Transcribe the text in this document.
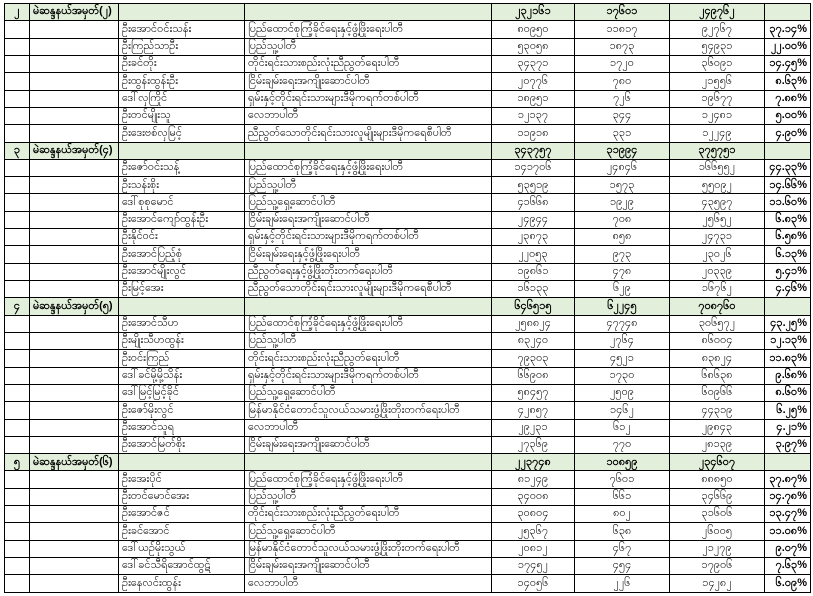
၂	မဲဆန္ဒနယ်အမှတ်(၂)			၂၃၂၁၆၁	၁၇၆၀၁	၂၄၉၇၆၂	
		ဦးအောင်ဝင်းသန်း	ပြည်ထောင်စုကြံ့ခိုင်ရေးနှင့်ဖွံ့ဖြိုးရေးပါတီ	၈၀၉၅၀	၁၁၈၁၇	၉၂၇၆၇	၃၇.၁၄%
		ဦးကြည်သာဦး	ပြည်သူ့ပါတီ	၅၃၀၅၈	၁၈၇၃	၅၄၉၃၁	၂၂.၀၀%
		ဦးခင်တိုး	တိုင်းရင်းသားစည်းလုံးညီညွတ်ရေးပါတီ	၃၄၃၇၁	၁၇၂၀	၃၆၀၉၁	၁၄.၄၅%
		ဦးထွန်းထွန်းဦး	ငြိမ်းချမ်းရေးအကျိုးဆောင်ပါတီ	၂၀၇၇၆	၇၈၀	၂၁၅၅၆	၈.၆၃%
		ဒေါ်လှကြိုင်	ရှမ်းနှင့်တိုင်းရင်းသားများဒီမိုကရက်တစ်ပါတီ	၁၈၉၅၁	၇၂၆	၁၉၆၇၇	၇.၈၈%
		ဦးတင်မျိုးသူ	လေဘာပါတီ	၁၂၁၃၇	၃၄၄	၁၂၄၈၁	၅.၀၀%
		ဦးဒေးဗစ်လှမြင့်	ညီညွတ်သောတိုင်းရင်းသားလူမျိုးများဒီမိုကရေစီပါတီ	၁၁၉၁၈	၃၃၁	၁၂၂၄၉	၄.၉၀%
၃	မဲဆန္ဒနယ်အမှတ်(၄)			၃၄၃၇၅၇	၃၁၉၉၄	၃၇၅၇၅၁	
		ဦးဇော်ဝင်းသန့်	ပြည်ထောင်စုကြံ့ခိုင်ရေးနှင့်ဖွံ့ဖြိုးရေးပါတီ	၁၄၁၇၀၆	၂၄၈၄၆	၁၆၆၅၅၂	၄၄.၃၃%
		ဦးသန်းစိုး	ပြည်သူ့ပါတီ	၅၃၅၁၉	၁၅၇၃	၅၅၀၉၂	၁၄.၆၆%
		ဒေါ်စုစုမောင်	ပြည်သူ့ရှေ့ဆောင်ပါတီ	၄၁၆၆၈	၁၉၂၉	၄၃၅၉၇	၁၁.၆၀%
		ဦးအောင်ကျော်ထွန်းဦး	ငြိမ်းချမ်းရေးအကျိုးဆောင်ပါတီ	၂၄၉၄၄	၇၀၈	၂၅၆၅၂	၆.၈၃%
		ဦးနိုင်ဝင်း	ရှမ်းနှင့်တိုင်းရင်းသားများဒီမိုကရက်တစ်ပါတီ	၂၃၈၇၃	၈၅၈	၂၄၇၃၁	၆.၅၈%
		ဦးအောင်ပြည့်စုံ	ငြိမ်းချမ်းရေးနှင့်ဖွံ့ဖြိုးရေးပါတီ	၂၂၀၅၃	၉၇၃	၂၃၀၂၆	၆.၁၃%
		ဦးအောင်မျိုးလွင်	ညီညွတ်ရေးနှင့်ဖွံ့ဖြိုးတိုးတက်ရေးပါတီ	၁၉၈၆၁	၄၇၈	၂၀၃၃၉	၅.၄၁%
		ဦးမြင့်အေး	ညီညွတ်သောတိုင်းရင်းသားလူမျိုးများဒီမိုကရေစီပါတီ	၁၆၁၃၃	၆၂၉	၁၆၇၆၂	၄.၄၆%
၄	မဲဆန္ဒနယ်အမှတ်(၅)			၆၄၆၅၁၅	၆၂၂၄၅	၇၀၈၇၆၀	
		ဦးအောင်သီဟ	ပြည်ထောင်စုကြံ့ခိုင်ရေးနှင့်ဖွံ့ဖြိုးရေးပါတီ	၂၅၈၈၂၄	၄၇၇၄၈	၃၀၆၅၇၂	၄၃.၂၅%
		ဦးမျိုးသီဟထွန်း	ပြည်သူ့ပါတီ	၈၃၂၄၀	၂၇၆၄	၈၆၀၀၄	၁၂.၁၃%
		ဦးဝင်းကြည်	တိုင်းရင်းသားစည်းလုံးညီညွတ်ရေးပါတီ	၇၉၃၀၃	၄၅၂၁	၈၃၈၂၄	၁၁.၈၃%
		ဒေါ်ခင်မို့မို့သိန်း	ရှမ်းနှင့်တိုင်းရင်းသားများဒီမိုကရက်တစ်ပါတီ	၆၆၉၀၈	၁၇၃၀	၆၈၆၃၈	၉.၆၈%
		ဒေါ်မြင့်မြင့်ခိုင်	ပြည်သူ့ရှေ့ဆောင်ပါတီ	၅၈၄၅၇	၂၅၀၉	၆၀၉၆၆	၈.၆၀%
		ဦးဇော်မိုးလွင်	မြန်မာနိုင်ငံတောင်သူလယ်သမားဖွံ့ဖြိုးတိုးတက်ရေးပါတီ	၄၂၈၅၇	၁၄၆၂	၄၄၃၁၉	၆.၂၅%
		ဦးအောင်သူရ	လေဘာပါတီ	၂၉၂၃၁	၆၁၂	၂၉၈၄၃	၄.၂၁%
		ဦးအောင်မြတ်စိုး	ငြိမ်းချမ်းရေးအကျိုးဆောင်ပါတီ	၂၇၃၆၉	၇၇၀	၂၈၁၃၉	၃.၉၇%
၅	မဲဆန္ဒနယ်အမှတ်(၆)			၂၂၃၇၄၈	၁၀၈၅၉	၂၃၄၆၀၇	
		ဦးအေးပိုင်	ပြည်ထောင်စုကြံ့ခိုင်ရေးနှင့်ဖွံ့ဖြိုးရေးပါတီ	၈၁၂၄၉	၇၆၀၁	၈၈၈၅၀	၃၇.၈၇%
		ဦးတင်မောင်အေး	ပြည်သူ့ပါတီ	၃၄၀၀၈	၆၆၁	၃၄၆၆၉	၁၄.၇၈%
		ဦးအောင်ဇင်	တိုင်းရင်းသားစည်းလုံးညီညွတ်ရေးပါတီ	၃၀၈၀၄	၈၀၂	၃၁၆၀၆	၁၃.၄၇%
		ဦးခင်အောင်	ပြည်သူ့ရှေ့ဆောင်ပါတီ	၂၅၃၆၇	၆၃၈	၂၆၀၀၅	၁၁.၀၈%
		ဒေါ်ယဉ်မိုးသွယ်	မြန်မာနိုင်ငံတောင်သူလယ်သမားဖွံ့ဖြိုးတိုးတက်ရေးပါတီ	၂၀၈၁၂	၄၆၇	၂၁၂၇၉	၉.၀၇%
		ဒေါ်ခင်သီရိအောင်ထွဋ်	ငြိမ်းချမ်းရေးအကျိုးဆောင်ပါတီ	၁၇၄၅၂	၄၅၄	၁၇၉၀၆	၇.၆၃%
		ဦးနေလင်းထွန်း	လေဘာပါတီ	၁၄၀၅၆	၂၂၆	၁၄၂၈၂	၆.၀၉%
